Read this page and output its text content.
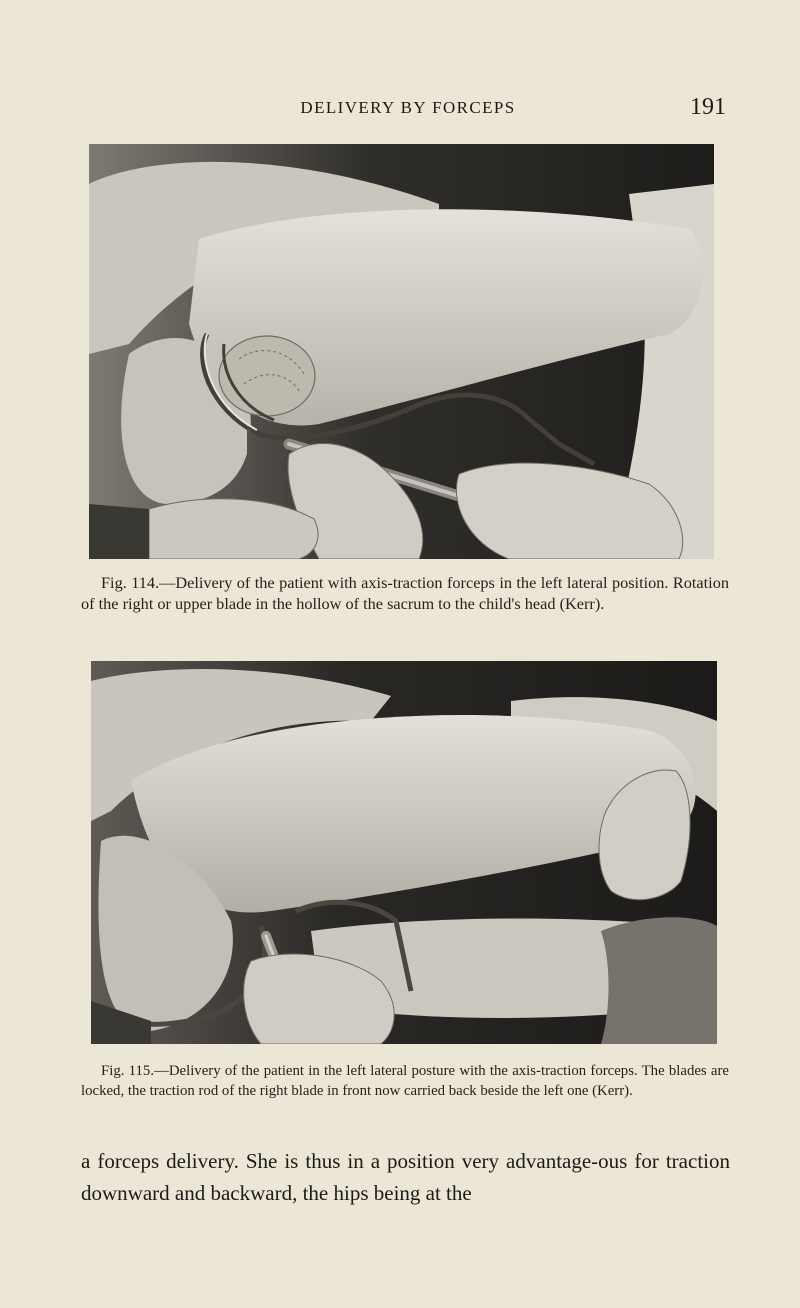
DELIVERY BY FORCEPS	191

Fig. 114.—Delivery of the patient with axis-traction forceps in the left lateral position. Rotation of the right or upper blade in the hollow of the sacrum to the child's head (Kerr).

Fig. 115.—Delivery of the patient in the left lateral posture with the axis-traction forceps. The blades are locked, the traction rod of the right blade in front now carried back beside the left one (Kerr).

a forceps delivery. She is thus in a position very advantage-ous for traction downward and backward, the hips being at the
